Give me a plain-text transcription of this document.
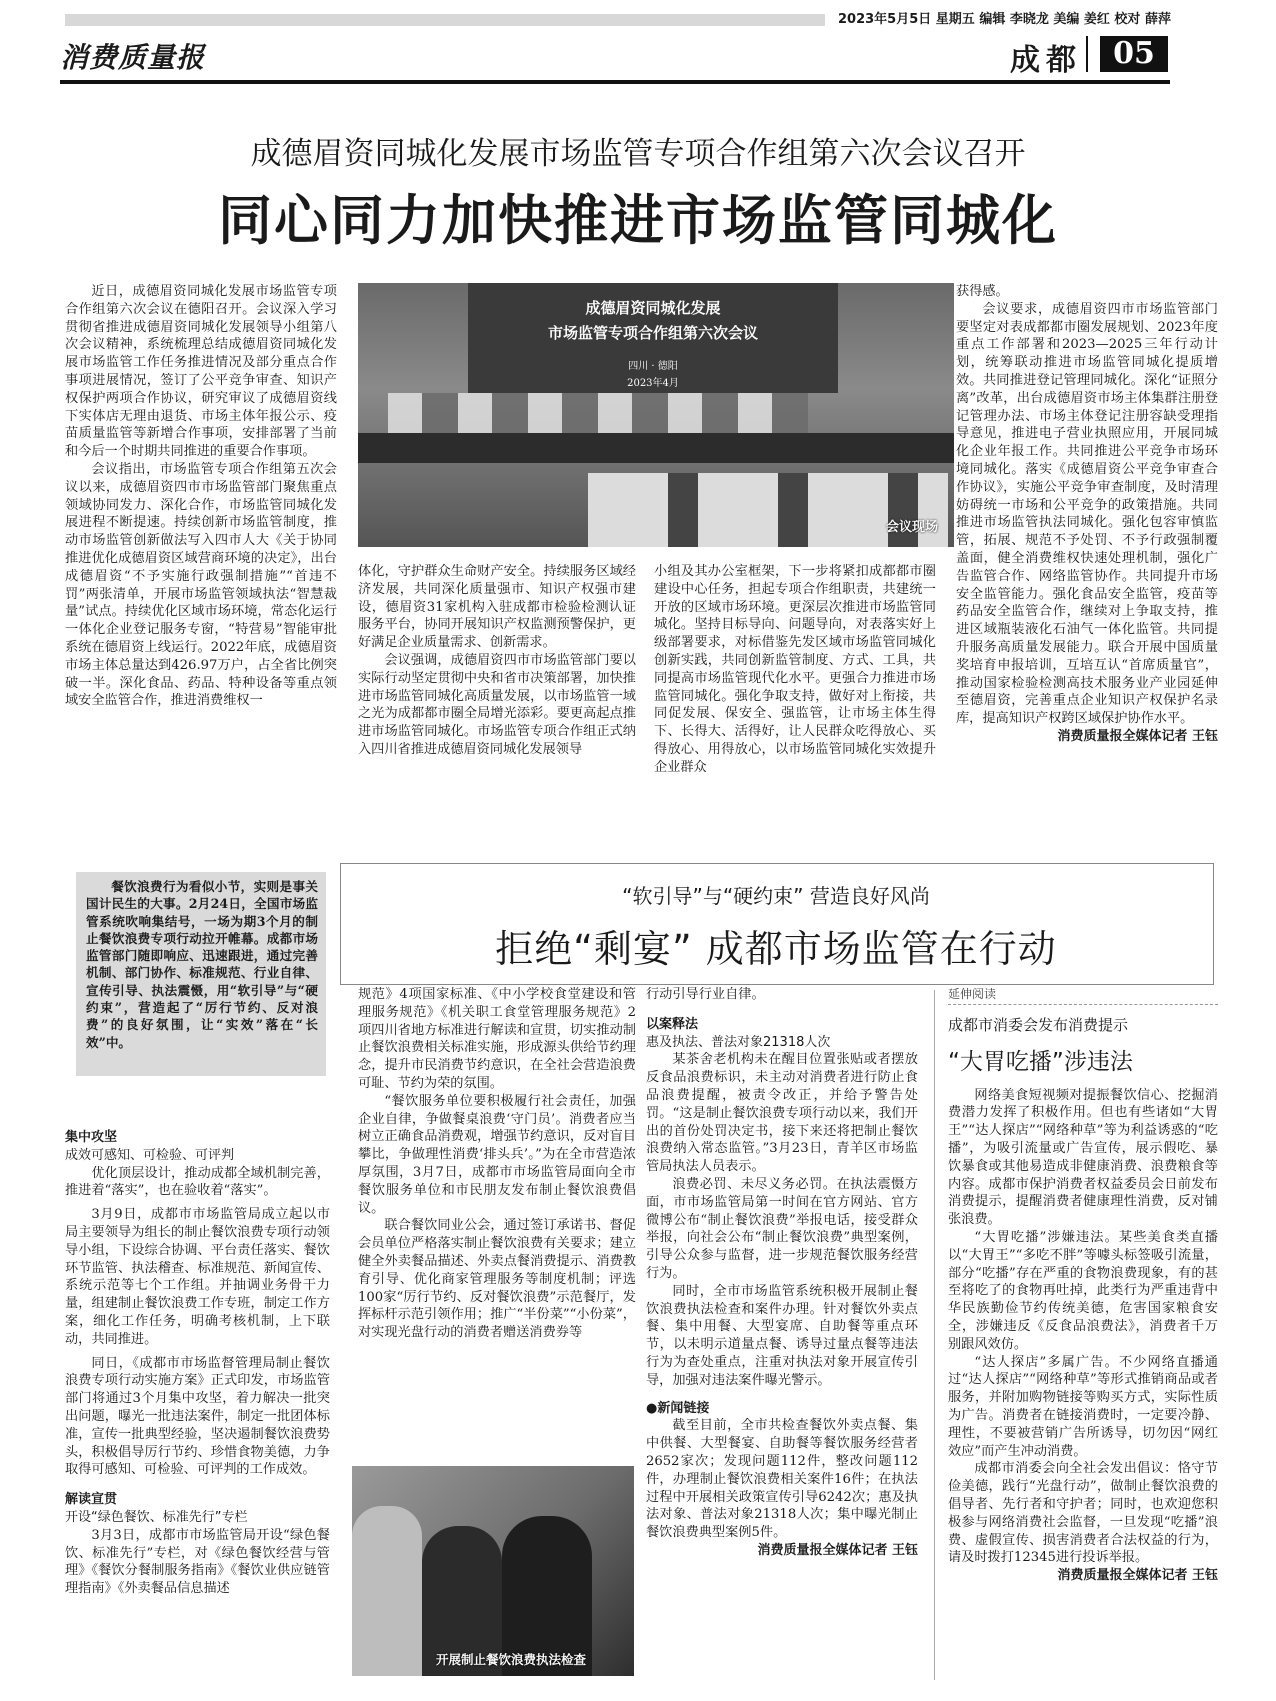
2023年5月5日 星期五 编辑 李晓龙 美编 姜红 校对 薛萍
消费质量报	成都	05
成德眉资同城化发展市场监管专项合作组第六次会议召开
同心同力加快推进市场监管同城化

近日，成德眉资同城化发展市场监管专项合作组第六次会议在德阳召开。会议深入学习贯彻省推进成德眉资同城化发展领导小组第八次会议精神，系统梳理总结成德眉资同城化发展市场监管工作任务推进情况及部分重点合作事项进展情况，签订了公平竞争审查、知识产权保护两项合作协议，研究审议了成德眉资线下实体店无理由退货、市场主体年报公示、疫苗质量监管等新增合作事项，安排部署了当前和今后一个时期共同推进的重要合作事项。

会议指出，市场监管专项合作组第五次会议以来，成德眉资四市市场监管部门聚焦重点领域协同发力、深化合作，市场监管同城化发展进程不断提速。持续创新市场监管制度，推动市场监管创新做法写入四市人大《关于协同推进优化成德眉资区域营商环境的决定》，出台成德眉资“不予实施行政强制措施”“首违不罚”两张清单，开展市场监管领域执法“智慧裁量”试点。持续优化区域市场环境，常态化运行一体化企业登记服务专窗，“特营易”智能审批系统在德眉资上线运行。2022年底，成德眉资市场主体总量达到426.97万户，占全省比例突破一半。深化食品、药品、特种设备等重点领域安全监管合作，推进消费维权一

成德眉资同城化发展
市场监管专项合作组第六次会议
四川 · 德阳
2023年4月
会议现场

体化，守护群众生命财产安全。持续服务区域经济发展，共同深化质量强市、知识产权强市建设，德眉资31家机构入驻成都市检验检测认证服务平台，协同开展知识产权监测预警保护，更好满足企业质量需求、创新需求。

会议强调，成德眉资四市市场监管部门要以实际行动坚定贯彻中央和省市决策部署，加快推进市场监管同城化高质量发展，以市场监管一域之光为成都都市圈全局增光添彩。要更高起点推进市场监管同城化。市场监管专项合作组正式纳入四川省推进成德眉资同城化发展领导

小组及其办公室框架，下一步将紧扣成都都市圈建设中心任务，担起专项合作组职责，共建统一开放的区域市场环境。更深层次推进市场监管同城化。坚持目标导向、问题导向，对表落实好上级部署要求，对标借鉴先发区域市场监管同城化创新实践，共同创新监管制度、方式、工具，共同提高市场监管现代化水平。更强合力推进市场监管同城化。强化争取支持，做好对上衔接，共同促发展、保安全、强监管，让市场主体生得下、长得大、活得好，让人民群众吃得放心、买得放心、用得放心，以市场监管同城化实效提升企业群众

获得感。

会议要求，成德眉资四市市场监管部门要坚定对表成都都市圈发展规划、2023年度重点工作部署和2023—2025三年行动计划，统筹联动推进市场监管同城化提质增效。共同推进登记管理同城化。深化“证照分离”改革，出台成德眉资市场主体集群注册登记管理办法、市场主体登记注册容缺受理指导意见，推进电子营业执照应用，开展同城化企业年报工作。共同推进公平竞争市场环境同城化。落实《成德眉资公平竞争审查合作协议》，实施公平竞争审查制度，及时清理妨碍统一市场和公平竞争的政策措施。共同推进市场监管执法同城化。强化包容审慎监管，拓展、规范不予处罚、不予行政强制覆盖面，健全消费维权快速处理机制，强化广告监管合作、网络监管协作。共同提升市场安全监管能力。强化食品安全监管，疫苗等药品安全监管合作，继续对上争取支持，推进区域瓶装液化石油气一体化监管。共同提升服务高质量发展能力。联合开展中国质量奖培育申报培训，互培互认“首席质量官”，推动国家检验检测高技术服务业产业园延伸至德眉资，完善重点企业知识产权保护名录库，提高知识产权跨区域保护协作水平。

消费质量报全媒体记者 王钰

餐饮浪费行为看似小节，实则是事关国计民生的大事。2月24日，全国市场监管系统吹响集结号，一场为期3个月的制止餐饮浪费专项行动拉开帷幕。成都市场监管部门随即响应、迅速跟进，通过完善机制、部门协作、标准规范、行业自律、宣传引导、执法震慑，用“软引导”与“硬约束”，营造起了“厉行节约、反对浪费”的良好氛围，让“实效”落在“长效”中。
“软引导”与“硬约束” 营造良好风尚
拒绝“剩宴” 成都市场监管在行动

集中攻坚

成效可感知、可检验、可评判

优化顶层设计，推动成都全域机制完善，推进着“落实”，也在验收着“落实”。

3月9日，成都市市场监管局成立起以市局主要领导为组长的制止餐饮浪费专项行动领导小组，下设综合协调、平台责任落实、餐饮环节监管、执法稽查、标准规范、新闻宣传、系统示范等七个工作组。并抽调业务骨干力量，组建制止餐饮浪费工作专班，制定工作方案，细化工作任务，明确考核机制，上下联动，共同推进。

同日，《成都市市场监督管理局制止餐饮浪费专项行动实施方案》正式印发，市场监管部门将通过3个月集中攻坚，着力解决一批突出问题，曝光一批违法案件，制定一批团体标准，宣传一批典型经验，坚决遏制餐饮浪费势头，积极倡导厉行节约、珍惜食物美德，力争取得可感知、可检验、可评判的工作成效。

解读宣贯

开设“绿色餐饮、标准先行”专栏

3月3日，成都市市场监管局开设“绿色餐饮、标准先行”专栏，对《绿色餐饮经营与管理》《餐饮分餐制服务指南》《餐饮业供应链管理指南》《外卖餐品信息描述

规范》4项国家标准、《中小学校食堂建设和管理服务规范》《机关职工食堂管理服务规范》2项四川省地方标准进行解读和宣贯，切实推动制止餐饮浪费相关标准实施，形成源头供给节约理念，提升市民消费节约意识，在全社会营造浪费可耻、节约为荣的氛围。

“餐饮服务单位要积极履行社会责任，加强企业自律，争做餐桌浪费‘守门员’。消费者应当树立正确食品消费观，增强节约意识，反对盲目攀比，争做理性消费‘排头兵’。”为在全市营造浓厚氛围，3月7日，成都市市场监管局面向全市餐饮服务单位和市民朋友发布制止餐饮浪费倡议。

联合餐饮同业公会，通过签订承诺书、督促会员单位严格落实制止餐饮浪费有关要求；建立健全外卖餐品描述、外卖点餐消费提示、消费教育引导、优化商家管理服务等制度机制；评选100家“厉行节约、反对餐饮浪费”示范餐厅，发挥标杆示范引领作用；推广“半份菜”“小份菜”，对实现光盘行动的消费者赠送消费券等

开展制止餐饮浪费执法检查

行动引导行业自律。

以案释法

惠及执法、普法对象21318人次

某茶舍老机构未在醒目位置张贴或者摆放反食品浪费标识，未主动对消费者进行防止食品浪费提醒，被责令改正，并给予警告处罚。“这是制止餐饮浪费专项行动以来，我们开出的首份处罚决定书，接下来还将把制止餐饮浪费纳入常态监管。”3月23日，青羊区市场监管局执法人员表示。

浪费必罚、未尽义务必罚。在执法震慑方面，市市场监管局第一时间在官方网站、官方微博公布“制止餐饮浪费”举报电话，接受群众举报，向社会公布“制止餐饮浪费”典型案例，引导公众参与监督，进一步规范餐饮服务经营行为。

同时，全市市场监管系统积极开展制止餐饮浪费执法检查和案件办理。针对餐饮外卖点餐、集中用餐、大型宴席、自助餐等重点环节，以未明示道量点餐、诱导过量点餐等违法行为为查处重点，注重对执法对象开展宣传引导，加强对违法案件曝光警示。

●新闻链接

截至目前，全市共检查餐饮外卖点餐、集中供餐、大型餐宴、自助餐等餐饮服务经营者2652家次；发现问题112件，整改问题112件，办理制止餐饮浪费相关案件16件；在执法过程中开展相关政策宣传引导6242次；惠及执法对象、普法对象21318人次；集中曝光制止餐饮浪费典型案例5件。

消费质量报全媒体记者 王钰

延伸阅读

成都市消委会发布消费提示

“大胃吃播”涉违法

网络美食短视频对提振餐饮信心、挖掘消费潜力发挥了积极作用。但也有些诸如“大胃王”“达人探店”“网络种草”等为利益诱惑的“吃播”，为吸引流量或广告宣传，展示假吃、暴饮暴食或其他易造成非健康消费、浪费粮食等内容。成都市保护消费者权益委员会日前发布消费提示，提醒消费者健康理性消费，反对铺张浪费。

“大胃吃播”涉嫌违法。某些美食类直播以“大胃王”“多吃不胖”等噱头标签吸引流量，部分“吃播”存在严重的食物浪费现象，有的甚至将吃了的食物再吐掉，此类行为严重违背中华民族勤俭节约传统美德，危害国家粮食安全，涉嫌违反《反食品浪费法》，消费者千万别跟风效仿。

“达人探店”多属广告。不少网络直播通过“达人探店”“网络种草”等形式推销商品或者服务，并附加购物链接等购买方式，实际性质为广告。消费者在链接消费时，一定要冷静、理性，不要被营销广告所诱导，切勿因“网红效应”而产生冲动消费。

成都市消委会向全社会发出倡议：恪守节俭美德，践行“光盘行动”，做制止餐饮浪费的倡导者、先行者和守护者；同时，也欢迎您积极参与网络消费社会监督，一旦发现“吃播”浪费、虚假宣传、损害消费者合法权益的行为，请及时拨打12345进行投诉举报。

消费质量报全媒体记者 王钰
